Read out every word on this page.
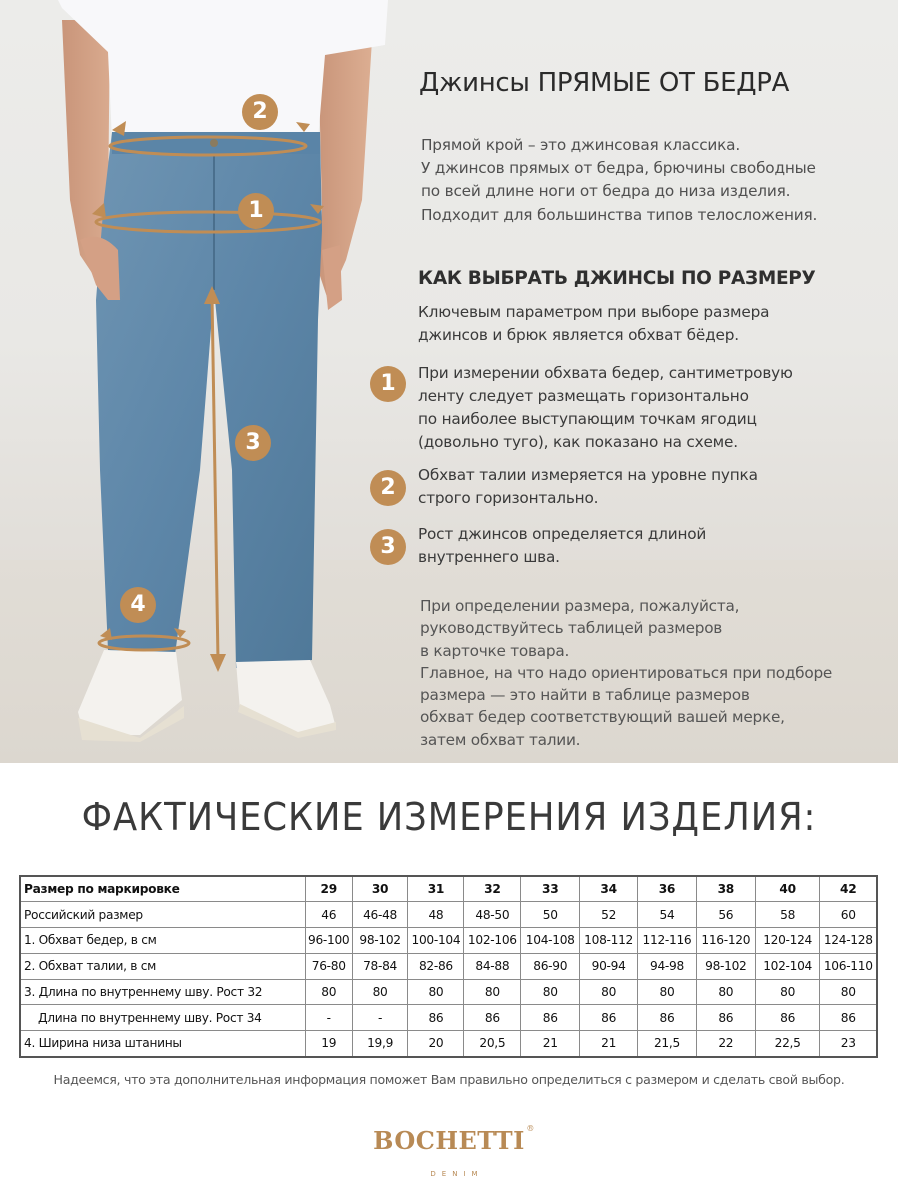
2
1
3
4
Джинсы ПРЯМЫЕ ОТ БЕДРА
Прямой крой – это джинсовая классика.
У джинсов прямых от бедра, брючины свободные
по всей длине ноги от бедра до низа изделия.
Подходит для большинства типов телосложения.
КАК ВЫБРАТЬ ДЖИНСЫ ПО РАЗМЕРУ
Ключевым параметром при выборе размера
джинсов и брюк является обхват бёдер.
1	При измерении обхвата бедер, сантиметровую
ленту следует размещать горизонтально
по наиболее выступающим точкам ягодиц
(довольно туго), как показано на схеме.
2	Обхват талии измеряется на уровне пупка
строго горизонтально.
3	Рост джинсов определяется длиной
внутреннего шва.
При определении размера, пожалуйста,
руководствуйтесь таблицей размеров
в карточке товара.
Главное, на что надо ориентироваться при подборе
размера — это найти в таблице размеров
обхват бедер соответствующий вашей мерке,
затем обхват талии.
ФАКТИЧЕСКИЕ ИЗМЕРЕНИЯ ИЗДЕЛИЯ:
Размер по маркировке	29	30	31	32	33	34	36	38	40	42
Российский размер	46	46-48	48	48-50	50	52	54	56	58	60
1. Обхват бедер, в см	96-100	98-102	100-104	102-106	104-108	108-112	112-116	116-120	120-124	124-128
2. Обхват талии, в см	76-80	78-84	82-86	84-88	86-90	90-94	94-98	98-102	102-104	106-110
3. Длина по внутреннему шву. Рост 32	80	80	80	80	80	80	80	80	80	80
Длина по внутреннему шву. Рост 34	-	-	86	86	86	86	86	86	86	86
4. Ширина низа штанины	19	19,9	20	20,5	21	21	21,5	22	22,5	23

Надеемся, что эта дополнительная информация поможет Вам правильно определиться с размером и сделать свой выбор.

BOCHETTI ®
DENIM
